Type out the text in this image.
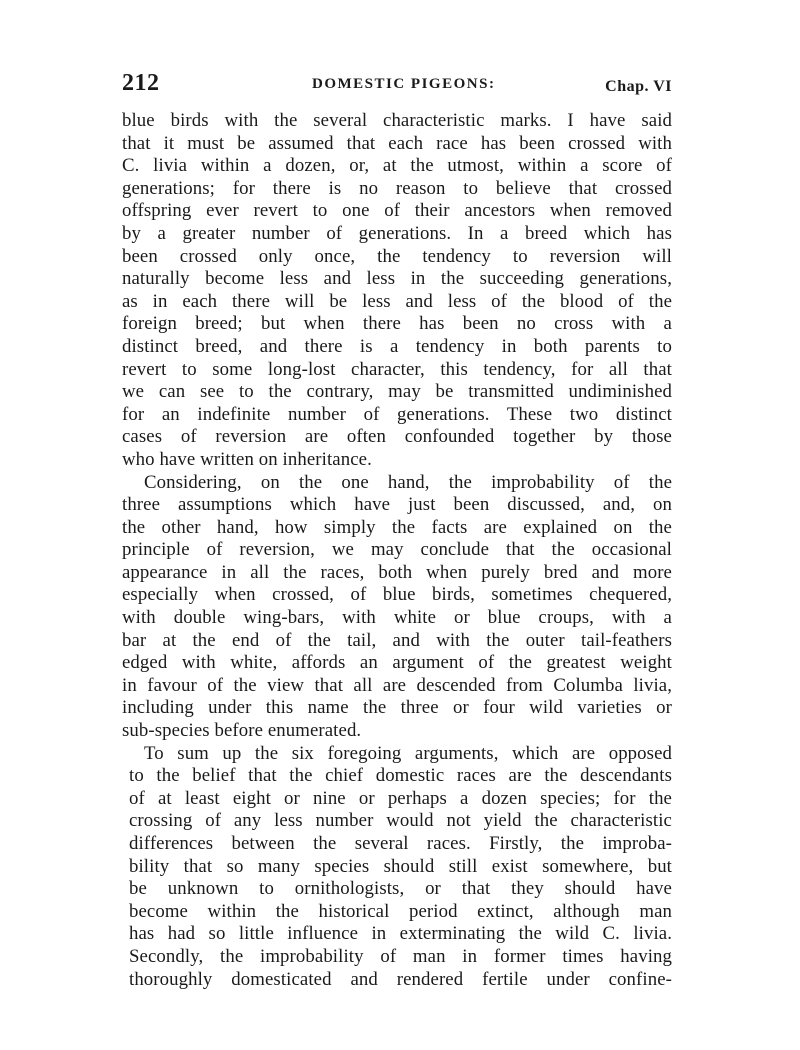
212	DOMESTIC PIGEONS:	Chap. VI
blue birds with the several characteristic marks. I have said
that it must be assumed that each race has been crossed with
C. livia within a dozen, or, at the utmost, within a score of
generations; for there is no reason to believe that crossed
offspring ever revert to one of their ancestors when removed
by a greater number of generations. In a breed which has
been crossed only once, the tendency to reversion will
naturally become less and less in the succeeding generations,
as in each there will be less and less of the blood of the
foreign breed; but when there has been no cross with a
distinct breed, and there is a tendency in both parents to
revert to some long-lost character, this tendency, for all that
we can see to the contrary, may be transmitted undiminished
for an indefinite number of generations. These two distinct
cases of reversion are often confounded together by those
who have written on inheritance.
Considering, on the one hand, the improbability of the
three assumptions which have just been discussed, and, on
the other hand, how simply the facts are explained on the
principle of reversion, we may conclude that the occasional
appearance in all the races, both when purely bred and more
especially when crossed, of blue birds, sometimes chequered,
with double wing-bars, with white or blue croups, with a
bar at the end of the tail, and with the outer tail-feathers
edged with white, affords an argument of the greatest weight
in favour of the view that all are descended from Columba livia,
including under this name the three or four wild varieties or
sub-species before enumerated.
To sum up the six foregoing arguments, which are opposed
to the belief that the chief domestic races are the descendants
of at least eight or nine or perhaps a dozen species; for the
crossing of any less number would not yield the characteristic
differences between the several races. Firstly, the improba-
bility that so many species should still exist somewhere, but
be unknown to ornithologists, or that they should have
become within the historical period extinct, although man
has had so little influence in exterminating the wild C. livia.
Secondly, the improbability of man in former times having
thoroughly domesticated and rendered fertile under confine-
